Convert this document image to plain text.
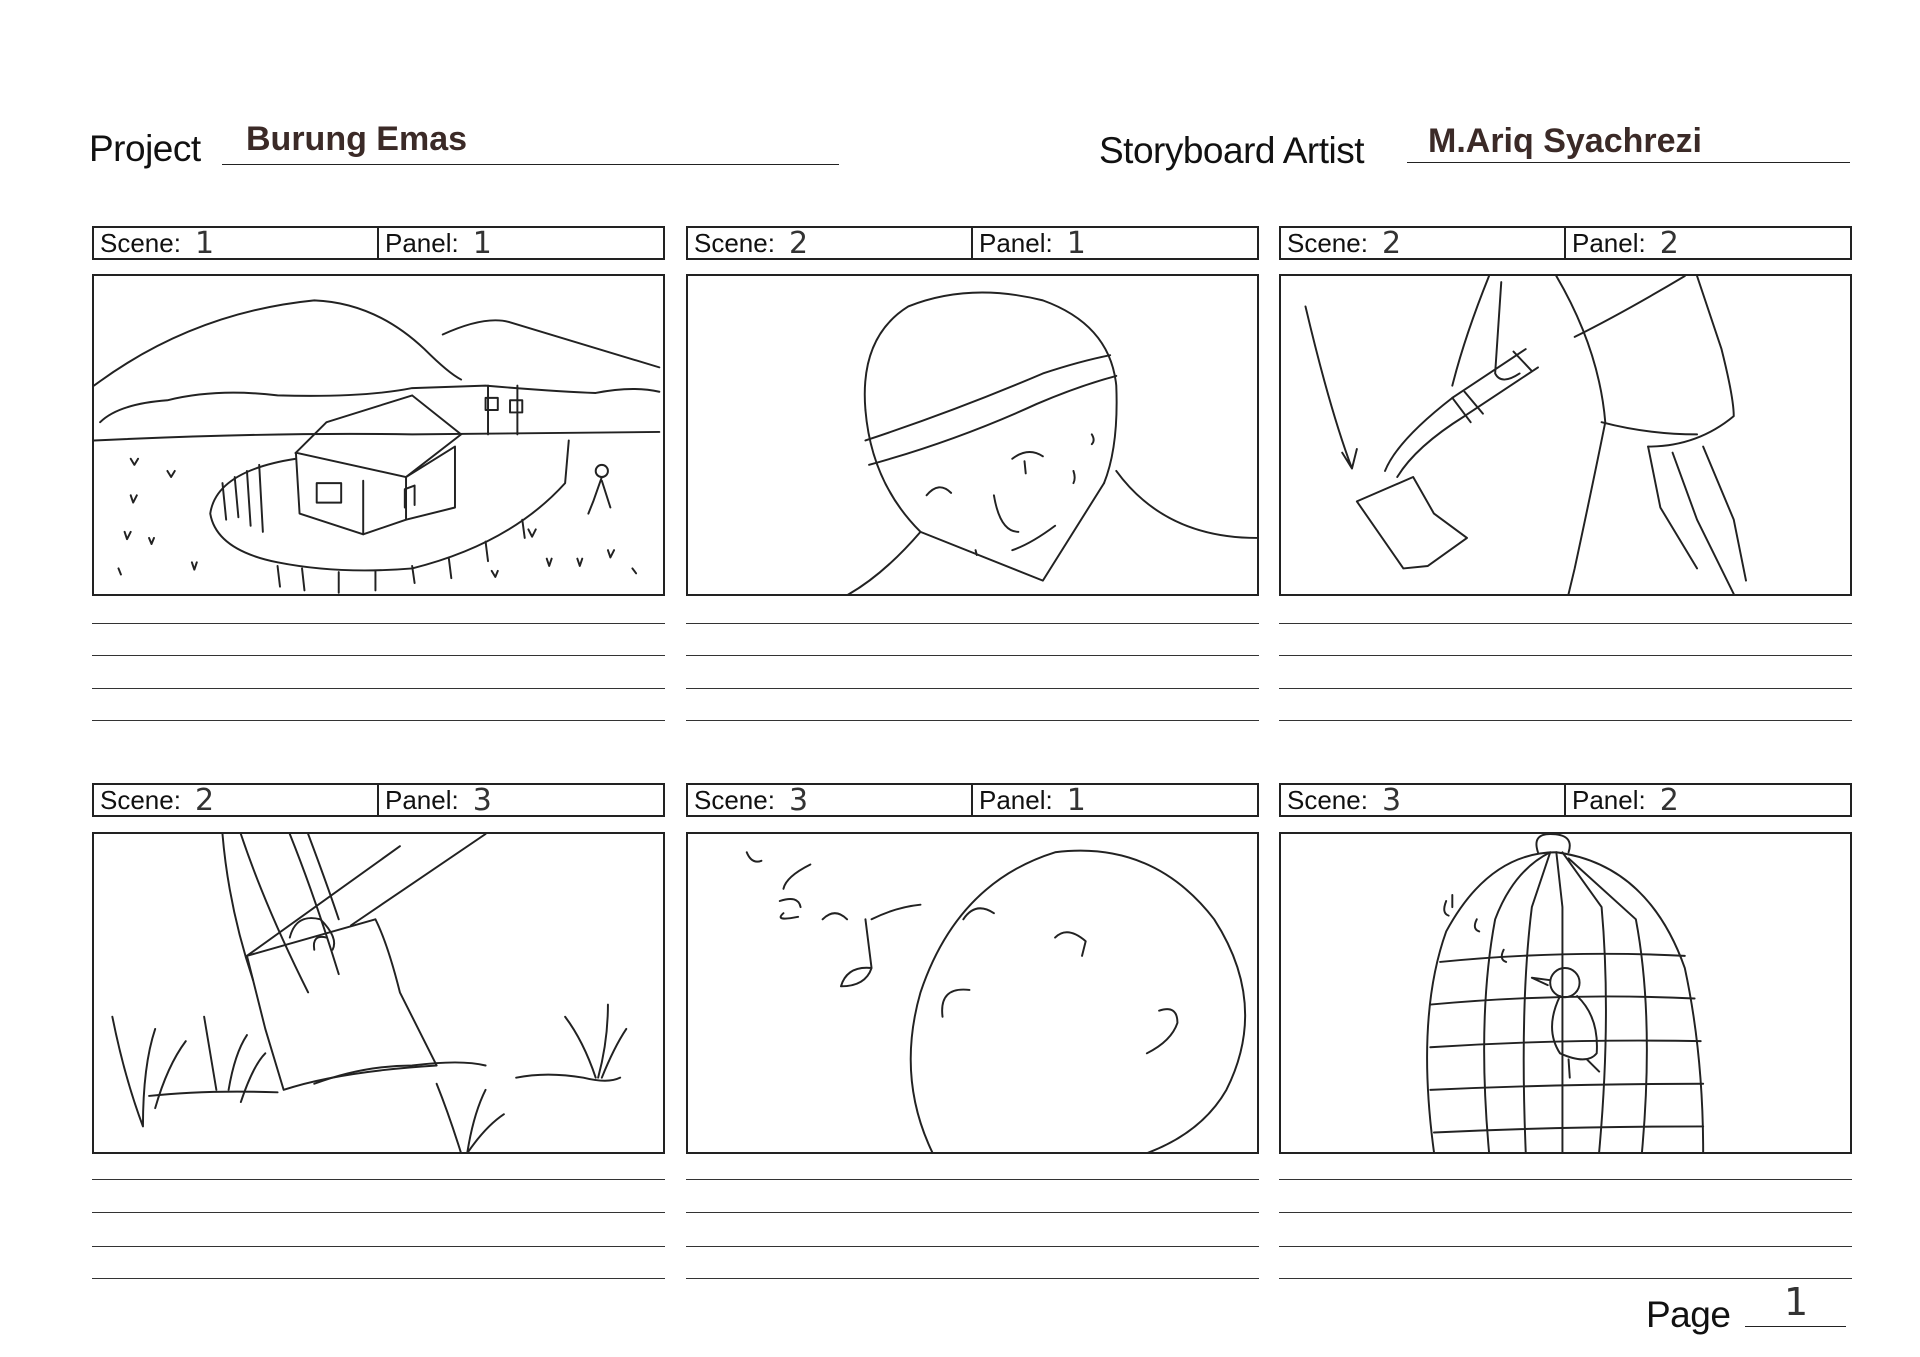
Project Burung Emas	Storyboard Artist M.Ariq Syachrezi
Scene: 1	Panel: 1	Scene: 2	Panel: 1	Scene: 2	Panel: 2
Scene: 2	Panel: 3	Scene: 3	Panel: 1	Scene: 3	Panel: 2
Page 1
